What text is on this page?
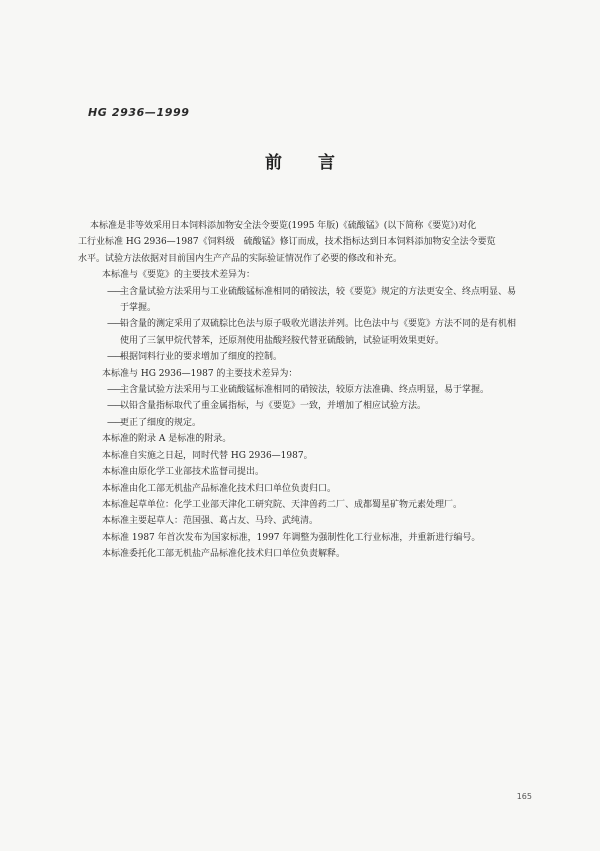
HG 2936—1999
前言

本标准是非等效采用日本饲料添加物安全法令要览(1995 年版)《硫酸锰》(以下简称《要览》)对化

工行业标准 HG 2936—1987《饲料级　硫酸锰》修订而成，技术指标达到日本饲料添加物安全法令要览

水平。试验方法依据对目前国内生产产品的实际验证情况作了必要的修改和补充。

本标准与《要览》的主要技术差异为：

——主含量试验方法采用与工业硫酸锰标准相同的硝铵法，较《要览》规定的方法更安全、终点明显、易于掌握。

——铅含量的测定采用了双硫腙比色法与原子吸收光谱法并列。比色法中与《要览》方法不同的是有机相使用了三氯甲烷代替苯，还原剂使用盐酸羟胺代替亚硫酸钠，试验证明效果更好。

——根据饲料行业的要求增加了细度的控制。

本标准与 HG 2936—1987 的主要技术差异为：

——主含量试验方法采用与工业硫酸锰标准相同的硝铵法，较原方法准确、终点明显，易于掌握。

——以铅含量指标取代了重金属指标，与《要览》一致，并增加了相应试验方法。

——更正了细度的规定。

本标准的附录 A 是标准的附录。

本标准自实施之日起，同时代替 HG 2936—1987。

本标准由原化学工业部技术监督司提出。

本标准由化工部无机盐产品标准化技术归口单位负责归口。

本标准起草单位：化学工业部天津化工研究院、天津兽药二厂、成都蜀星矿物元素处理厂。

本标准主要起草人：范国强、葛占友、马玲、武纯清。

本标准 1987 年首次发布为国家标准，1997 年调整为强制性化工行业标准，并重新进行编号。

本标准委托化工部无机盐产品标准化技术归口单位负责解释。

165
